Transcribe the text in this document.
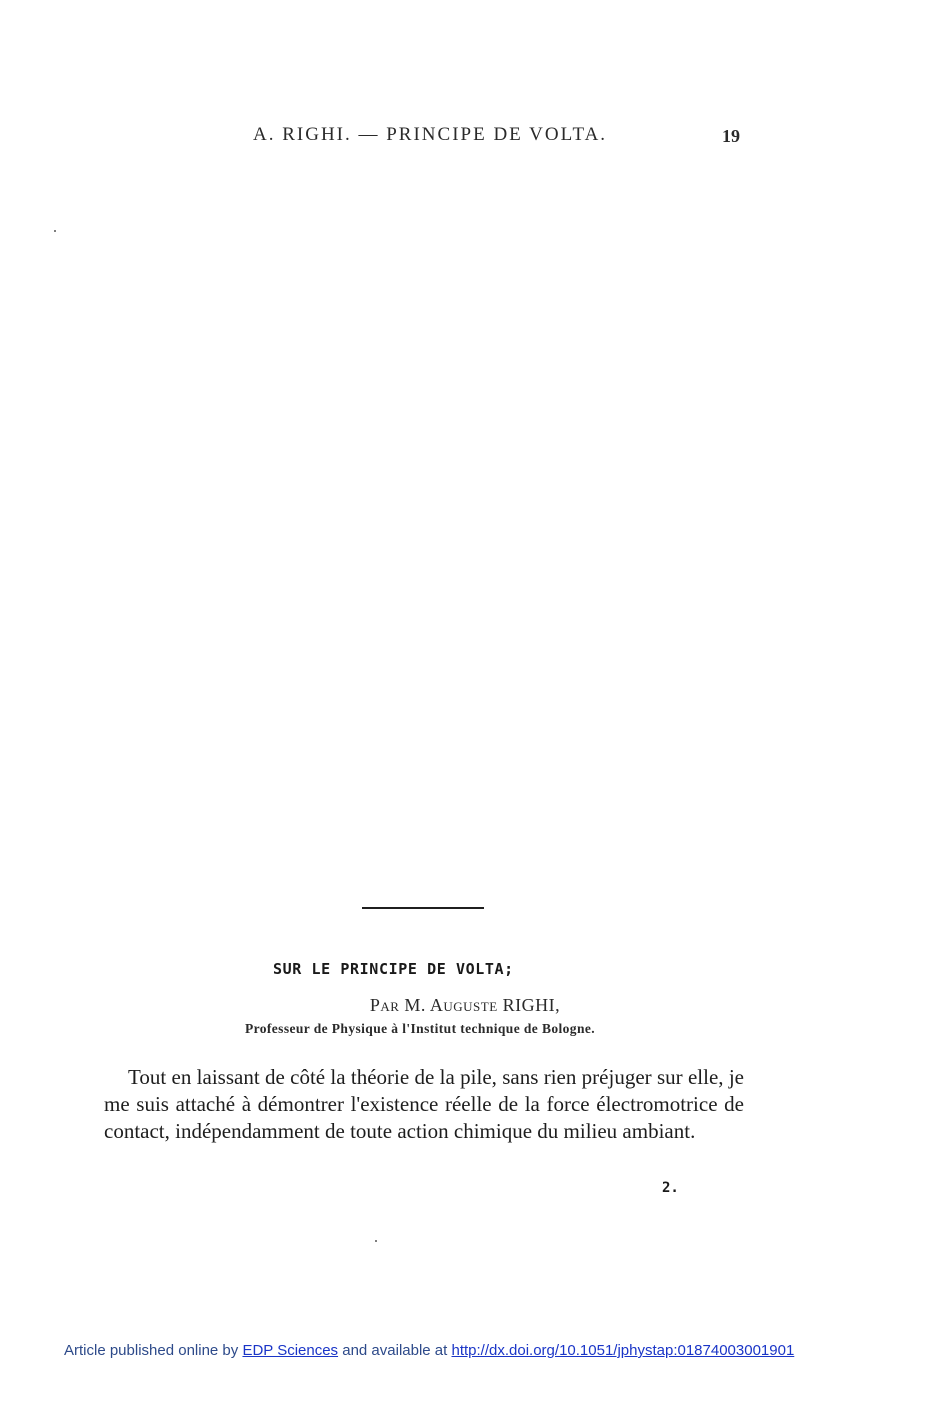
A. RIGHI. — PRINCIPE DE VOLTA.	19
SUR LE PRINCIPE DE VOLTA;
Par M. Auguste RIGHI,
Professeur de Physique à l'Institut technique de Bologne.

Tout en laissant de côté la théorie de la pile, sans rien préjuger sur elle, je me suis attaché à démontrer l'existence réelle de la force électromotrice de contact, indépendamment de toute action chimique du milieu ambiant.

2.
Article published online by EDP Sciences and available at http://dx.doi.org/10.1051/jphystap:01874003001901
